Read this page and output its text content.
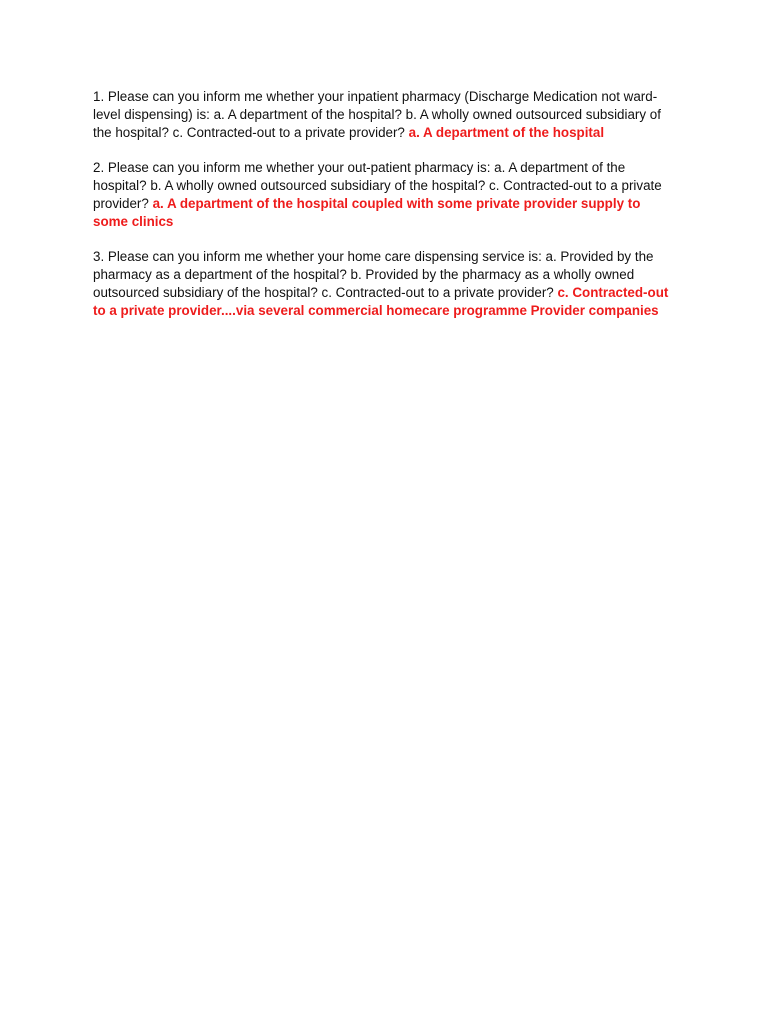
1. Please can you inform me whether your inpatient pharmacy (Discharge Medication not ward-level dispensing) is: a. A department of the hospital? b. A wholly owned outsourced subsidiary of the hospital? c. Contracted-out to a private provider? a. A department of the hospital

2. Please can you inform me whether your out-patient pharmacy is: a. A department of the hospital? b. A wholly owned outsourced subsidiary of the hospital? c. Contracted-out to a private provider? a. A department of the hospital coupled with some private provider supply to some clinics

3. Please can you inform me whether your home care dispensing service is: a. Provided by the pharmacy as a department of the hospital? b. Provided by the pharmacy as a wholly owned outsourced subsidiary of the hospital? c. Contracted-out to a private provider? c. Contracted-out to a private provider....via several commercial homecare programme Provider companies
